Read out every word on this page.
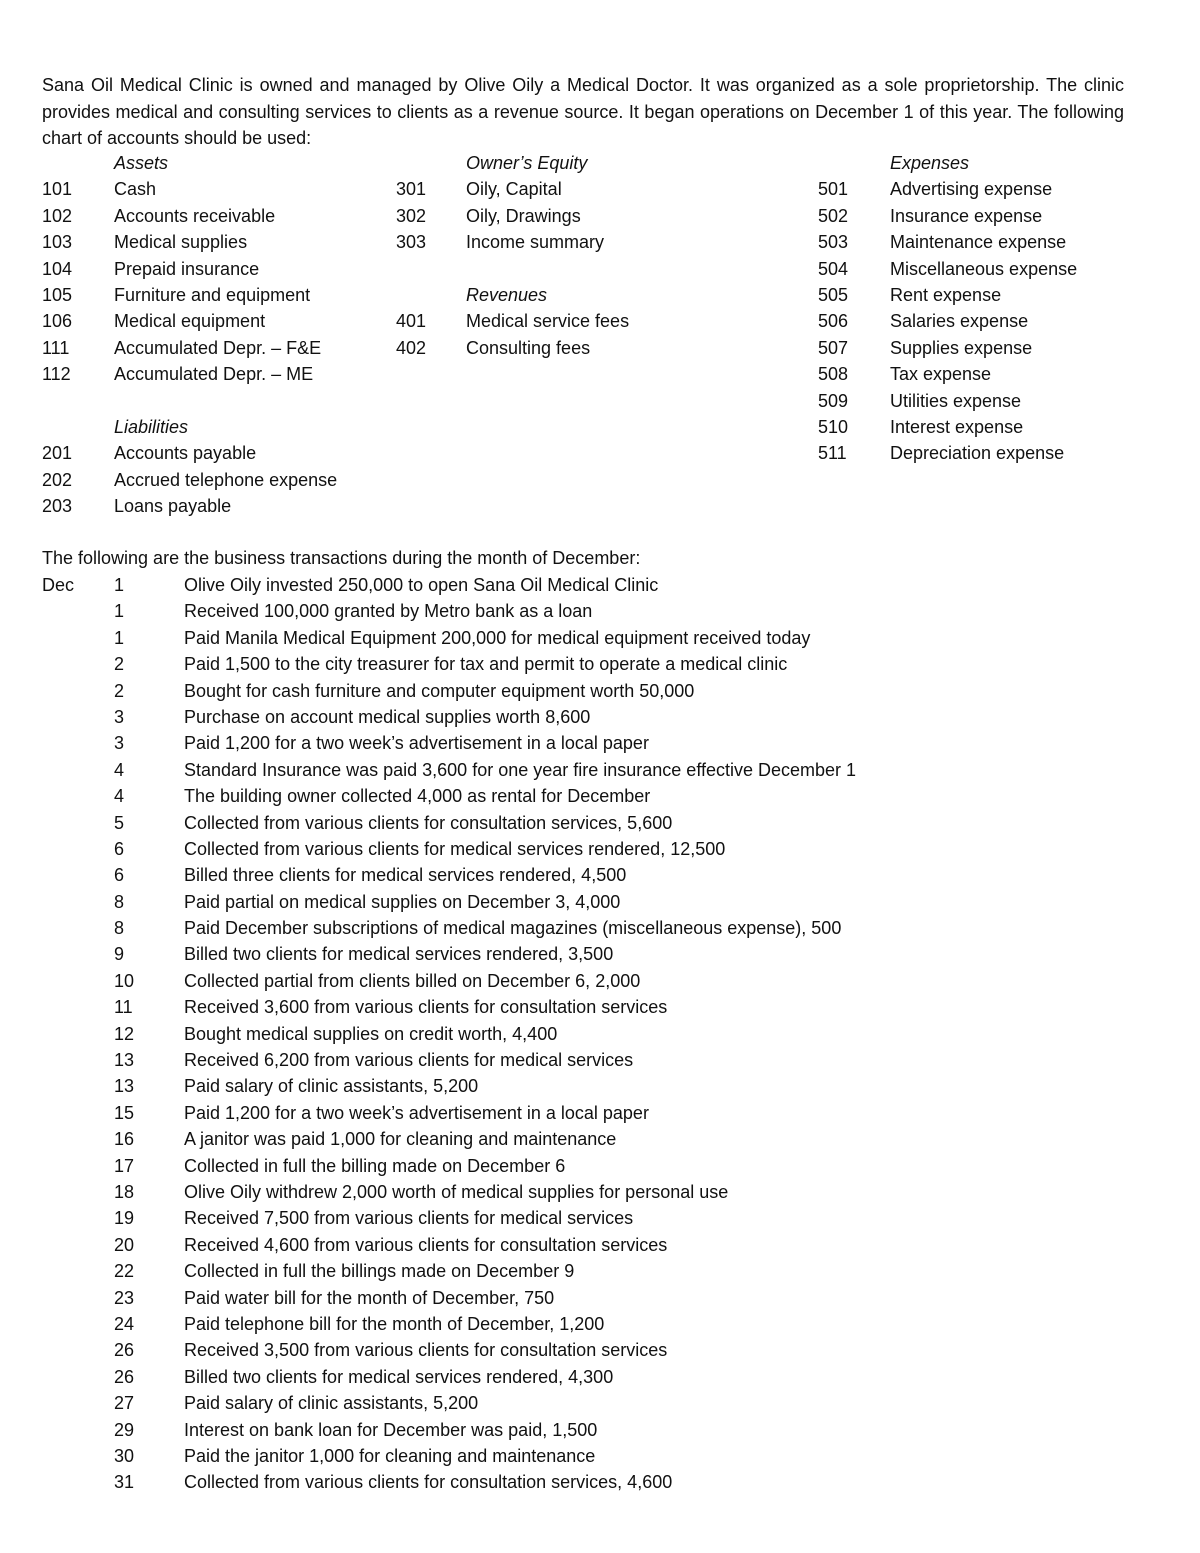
Sana Oil Medical Clinic is owned and managed by Olive Oily a Medical Doctor. It was organized as a sole proprietorship. The clinic provides medical and consulting services to clients as a revenue source. It began operations on December 1 of this year. The following chart of accounts should be used:

Assets
101 Cash
102 Accounts receivable
103 Medical supplies
104 Prepaid insurance
105 Furniture and equipment
106 Medical equipment
111 Accumulated Depr. – F&E
112 Accumulated Depr. – ME
Liabilities
201 Accounts payable
202 Accrued telephone expense
203 Loans payable
Owner’s Equity
301 Oily, Capital
302 Oily, Drawings
303 Income summary
Revenues
401 Medical service fees
402 Consulting fees
Expenses
501 Advertising expense
502 Insurance expense
503 Maintenance expense
504 Miscellaneous expense
505 Rent expense
506 Salaries expense
507 Supplies expense
508 Tax expense
509 Utilities expense
510 Interest expense
511 Depreciation expense
The following are the business transactions during the month of December:
Dec 1	Olive Oily invested 250,000 to open Sana Oil Medical Clinic
1	Received 100,000 granted by Metro bank as a loan
1	Paid Manila Medical Equipment 200,000 for medical equipment received today
2	Paid 1,500 to the city treasurer for tax and permit to operate a medical clinic
2	Bought for cash furniture and computer equipment worth 50,000
3	Purchase on account medical supplies worth 8,600
3	Paid 1,200 for a two week’s advertisement in a local paper
4	Standard Insurance was paid 3,600 for one year fire insurance effective December 1
4	The building owner collected 4,000 as rental for December
5	Collected from various clients for consultation services, 5,600
6	Collected from various clients for medical services rendered, 12,500
6	Billed three clients for medical services rendered, 4,500
8	Paid partial on medical supplies on December 3, 4,000
8	Paid December subscriptions of medical magazines (miscellaneous expense), 500
9	Billed two clients for medical services rendered, 3,500
10	Collected partial from clients billed on December 6, 2,000
11	Received 3,600 from various clients for consultation services
12	Bought medical supplies on credit worth, 4,400
13	Received 6,200 from various clients for medical services
13	Paid salary of clinic assistants, 5,200
15	Paid 1,200 for a two week’s advertisement in a local paper
16	A janitor was paid 1,000 for cleaning and maintenance
17	Collected in full the billing made on December 6
18	Olive Oily withdrew 2,000 worth of medical supplies for personal use
19	Received 7,500 from various clients for medical services
20	Received 4,600 from various clients for consultation services
22	Collected in full the billings made on December 9
23	Paid water bill for the month of December, 750
24	Paid telephone bill for the month of December, 1,200
26	Received 3,500 from various clients for consultation services
26	Billed two clients for medical services rendered, 4,300
27	Paid salary of clinic assistants, 5,200
29	Interest on bank loan for December was paid, 1,500
30	Paid the janitor 1,000 for cleaning and maintenance
31	Collected from various clients for consultation services, 4,600
